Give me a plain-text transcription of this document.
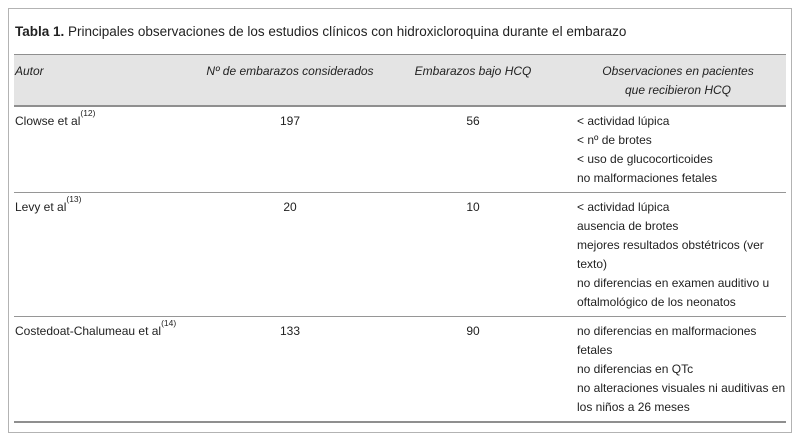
Tabla 1. Principales observaciones de los estudios clínicos con hidroxicloroquina durante el embarazo
Autor	Nº de embarazos considerados	Embarazos bajo HCQ	Observaciones en pacientes que recibieron HCQ

Clowse et al$^{(12)}$	197	56	< actividad lúpica
< nº de brotes
< uso de glucocorticoides
no malformaciones fetales

Levy et al$^{(13)}$	20	10	< actividad lúpica
ausencia de brotes
mejores resultados obstétricos (ver texto)
no diferencias en examen auditivo u oftalmológico de los neonatos

Costedoat-Chalumeau et al$^{(14)}$	133	90	no diferencias en malformaciones fetales
no diferencias en QTc
no alteraciones visuales ni auditivas en los niños a 26 meses
